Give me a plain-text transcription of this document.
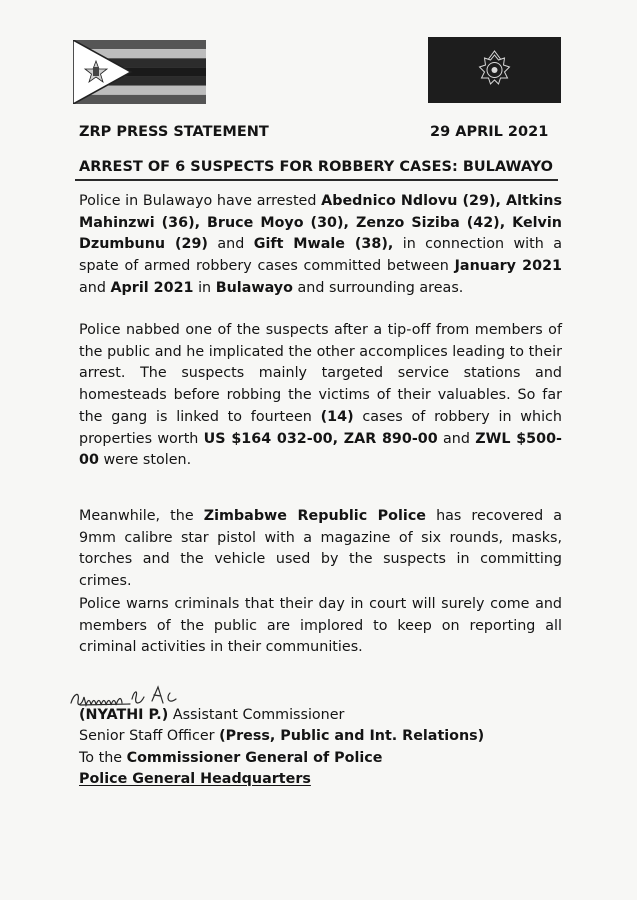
ZRP PRESS STATEMENT	29 APRIL 2021
ARREST OF 6 SUSPECTS FOR ROBBERY CASES: BULAWAYO

Police in Bulawayo have arrested Abednico Ndlovu (29), Altkins Mahinzwi (36), Bruce Moyo (30), Zenzo Siziba (42), Kelvin Dzumbunu (29) and Gift Mwale (38), in connection with a spate of armed robbery cases committed between January 2021 and April 2021 in Bulawayo and surrounding areas.

Police nabbed one of the suspects after a tip-off from members of the public and he implicated the other accomplices leading to their arrest. The suspects mainly targeted service stations and homesteads before robbing the victims of their valuables. So far the gang is linked to fourteen (14) cases of robbery in which properties worth US $164 032-00, ZAR 890-00 and ZWL $500-00 were stolen.

Meanwhile, the Zimbabwe Republic Police has recovered a 9mm calibre star pistol with a magazine of six rounds, masks, torches and the vehicle used by the suspects in committing crimes.

Police warns criminals that their day in court will surely come and members of the public are implored to keep on reporting all criminal activities in their communities.

(NYATHI P.) Assistant Commissioner
Senior Staff Officer (Press, Public and Int. Relations)
To the Commissioner General of Police
Police General Headquarters
